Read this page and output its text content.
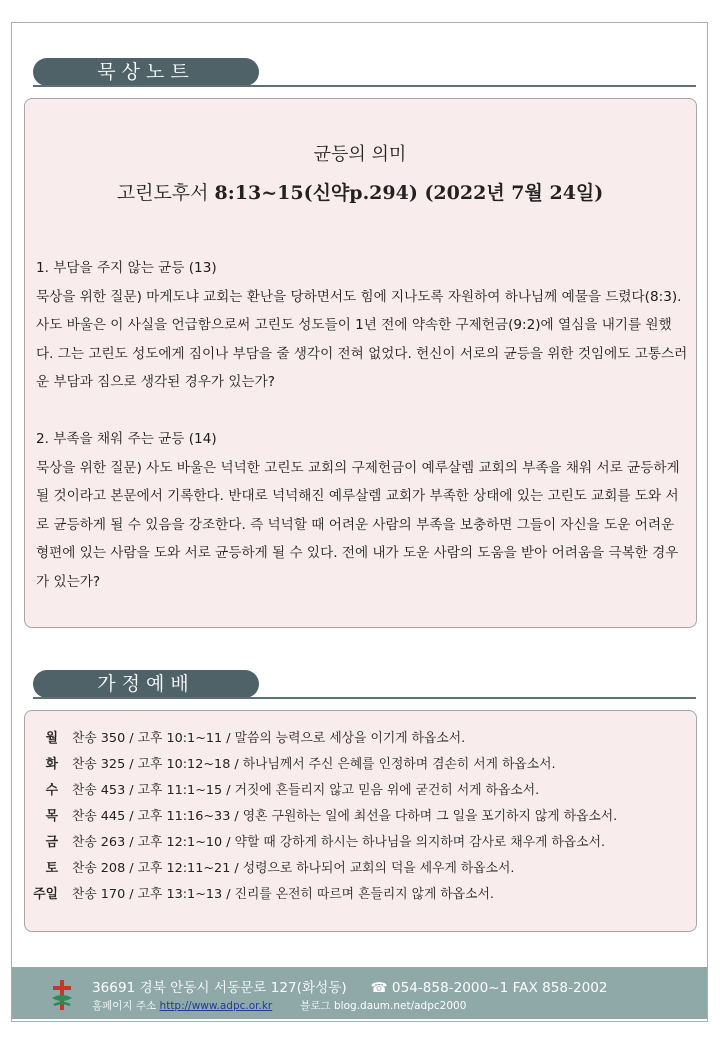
묵상노트
균등의 의미
고린도후서 8:13~15(신약p.294) (2022년 7월 24일)
1. 부담을 주지 않는 균등 (13)
묵상을 위한 질문) 마게도냐 교회는 환난을 당하면서도 힘에 지나도록 자원하여 하나님께 예물을 드렸다(8:3). 사도 바울은 이 사실을 언급함으로써 고린도 성도들이 1년 전에 약속한 구제헌금(9:2)에 열심을 내기를 원했다. 그는 고린도 성도에게 짐이나 부담을 줄 생각이 전혀 없었다. 헌신이 서로의 균등을 위한 것임에도 고통스러운 부담과 짐으로 생각된 경우가 있는가?
2. 부족을 채워 주는 균등 (14)
묵상을 위한 질문) 사도 바울은 넉넉한 고린도 교회의 구제헌금이 예루살렘 교회의 부족을 채워 서로 균등하게 될 것이라고 본문에서 기록한다. 반대로 넉넉해진 예루살렘 교회가 부족한 상태에 있는 고린도 교회를 도와 서로 균등하게 될 수 있음을 강조한다. 즉 넉넉할 때 어려운 사람의 부족을 보충하면 그들이 자신을 도운 어려운 형편에 있는 사람을 도와 서로 균등하게 될 수 있다. 전에 내가 도운 사람의 도움을 받아 어려움을 극복한 경우가 있는가?
가정예배
월 찬송 350 / 고후 10:1~11 / 말씀의 능력으로 세상을 이기게 하옵소서.
화 찬송 325 / 고후 10:12~18 / 하나님께서 주신 은혜를 인정하며 겸손히 서게 하옵소서.
수 찬송 453 / 고후 11:1~15 / 거짓에 흔들리지 않고 믿음 위에 굳건히 서게 하옵소서.
목 찬송 445 / 고후 11:16~33 / 영혼 구원하는 일에 최선을 다하며 그 일을 포기하지 않게 하옵소서.
금 찬송 263 / 고후 12:1~10 / 약할 때 강하게 하시는 하나님을 의지하며 감사로 채우게 하옵소서.
토 찬송 208 / 고후 12:11~21 / 성령으로 하나되어 교회의 덕을 세우게 하옵소서.
주일 찬송 170 / 고후 13:1~13 / 진리를 온전히 따르며 흔들리지 않게 하옵소서.
36691 경북 안동시 서동문로 127(화성동) ☎ 054-858-2000~1 FAX 858-2002
홈페이지 주소 http://www.adpc.or.kr	블로그 blog.daum.net/adpc2000
